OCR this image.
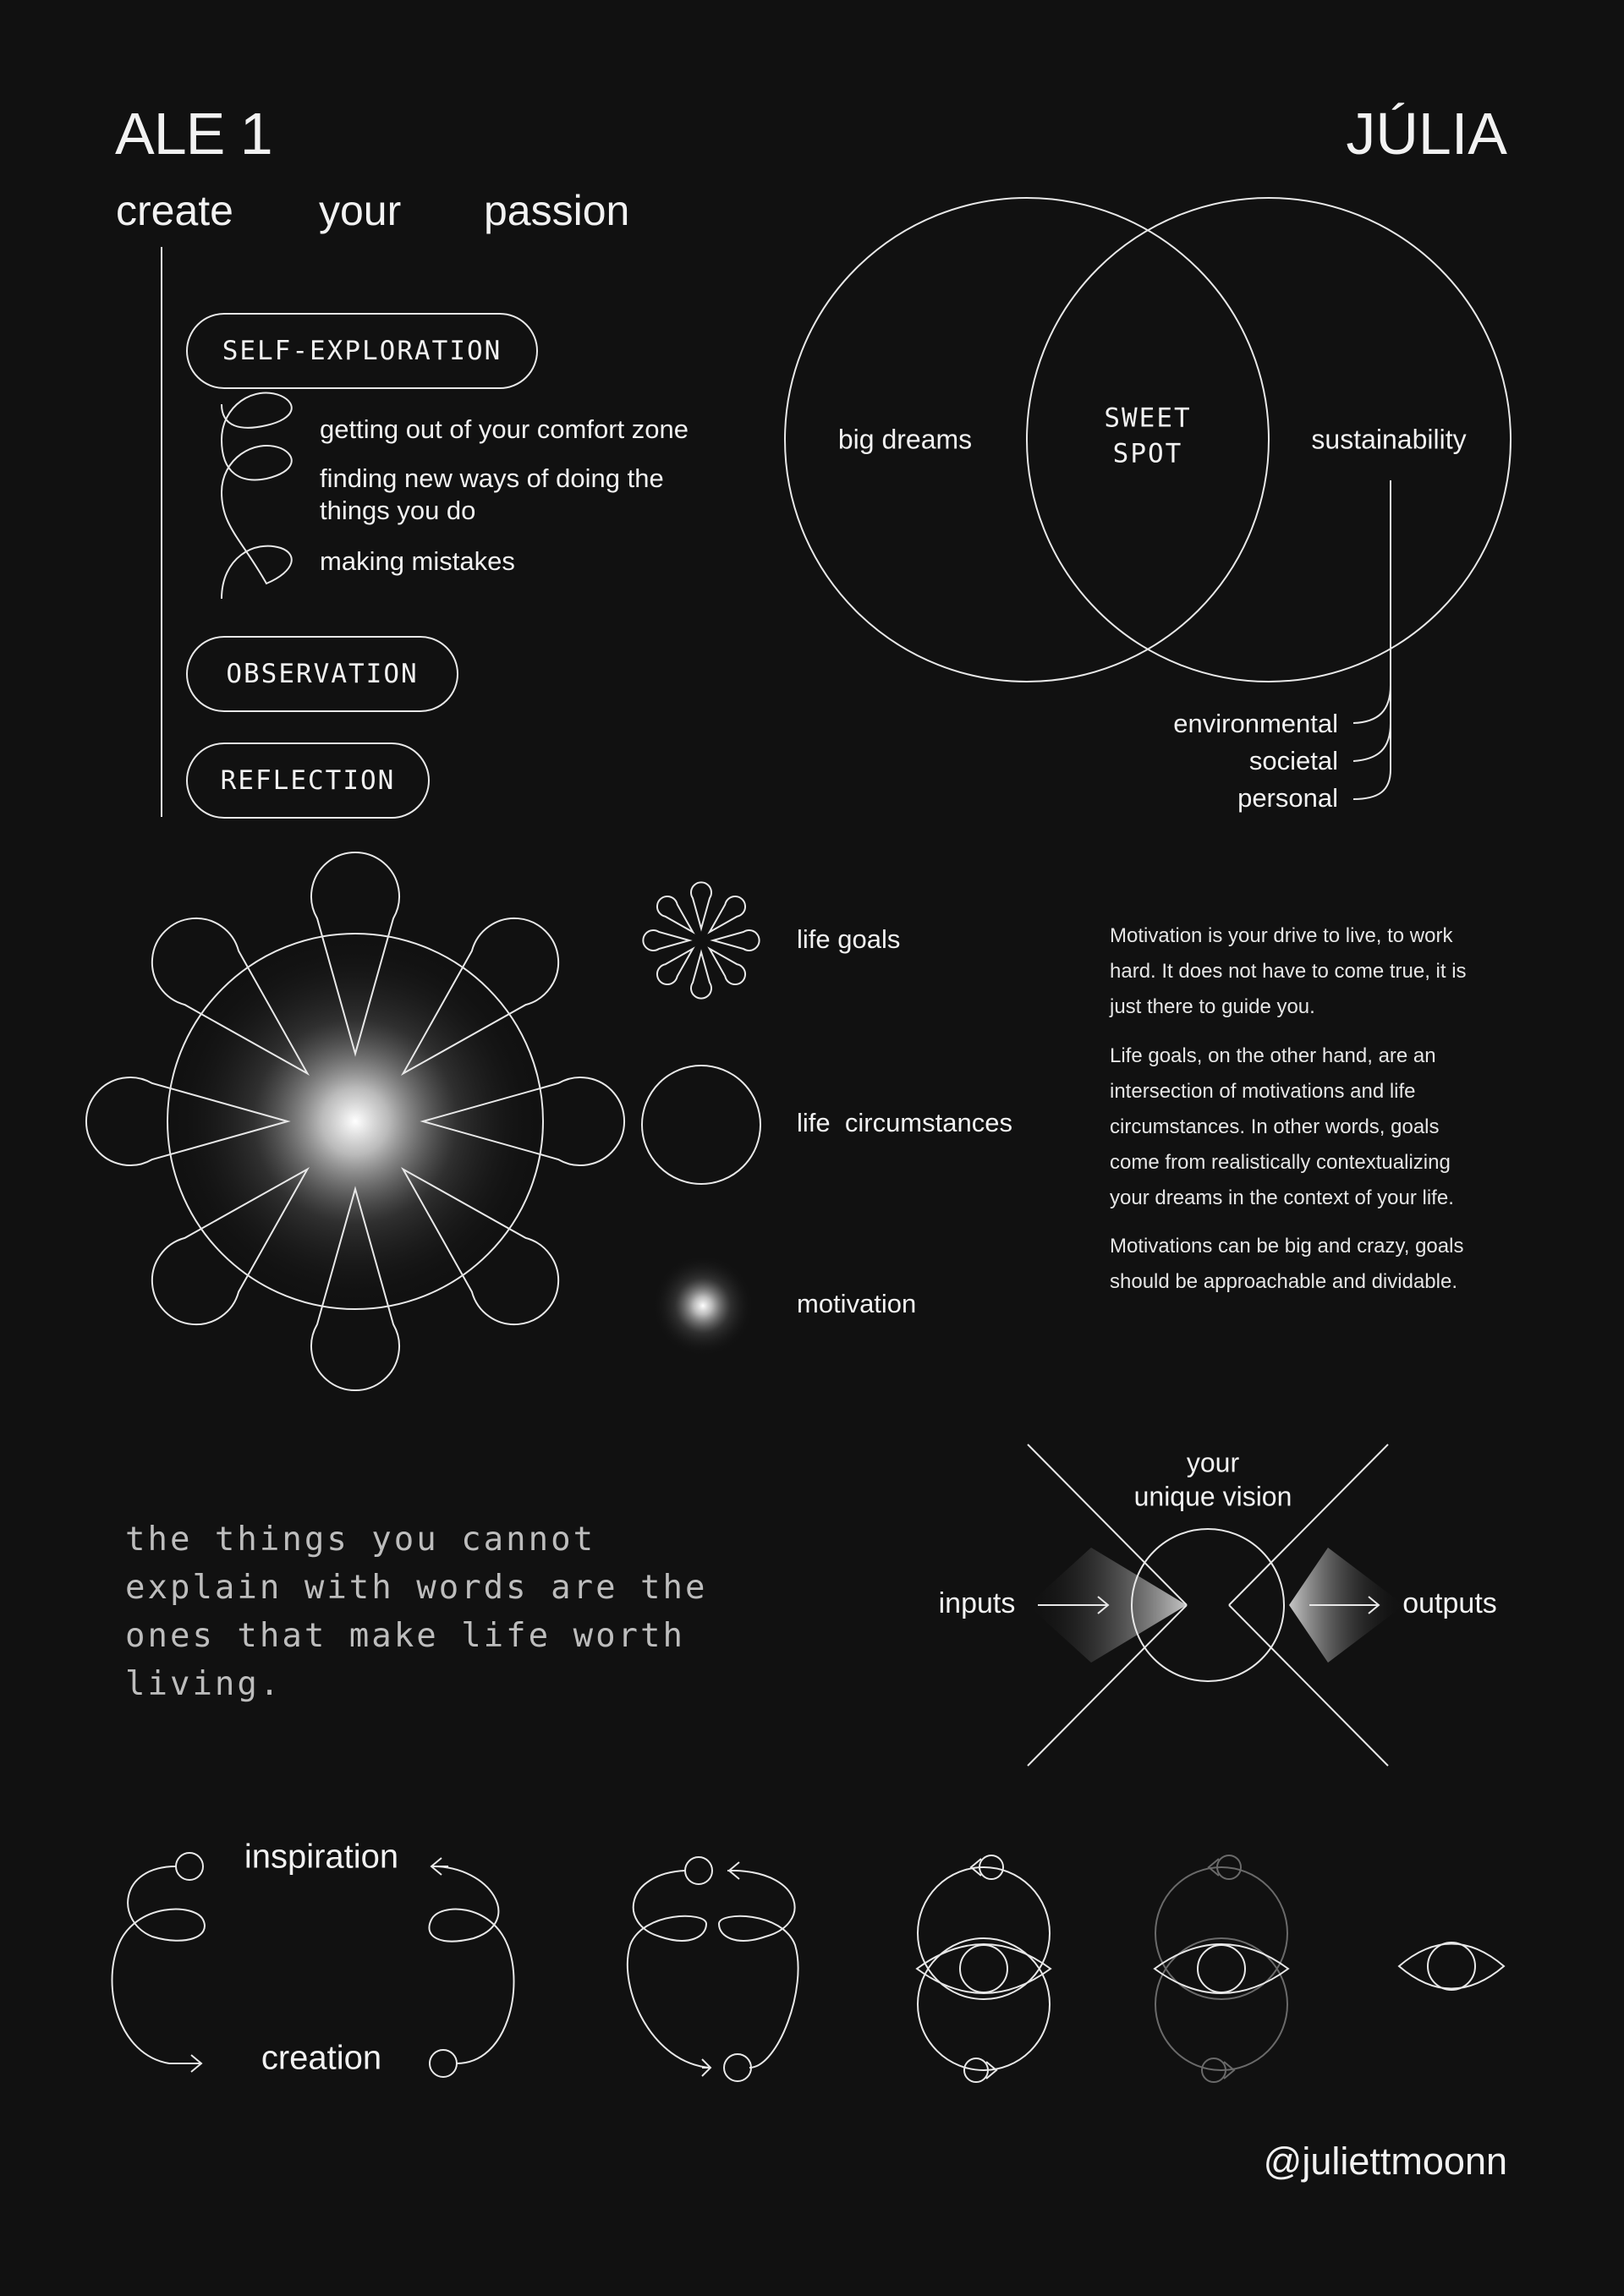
ALE 1	JÚLIA
create your passion
SELF-EXPLORATION
getting out of your comfort zone
finding new ways of doing the
things you do
making mistakes
OBSERVATION
REFLECTION
big dreams
SWEET
SPOT	sustainability
environmental
societal
personal
life goals
life  circumstances
motivation
Motivation is your drive to live, to work
hard. It does not have to come true, it is
just there to guide you.
Life goals, on the other hand, are an
intersection of motivations and life
circumstances. In other words, goals
come from realistically contextualizing
your dreams in the context of your life.
Motivations can be big and crazy, goals
should be approachable and dividable.
the things you cannot
explain with words are the
ones that make life worth
living.
your
unique vision
inputs	outputs
inspiration
creation
@juliettmoonn
